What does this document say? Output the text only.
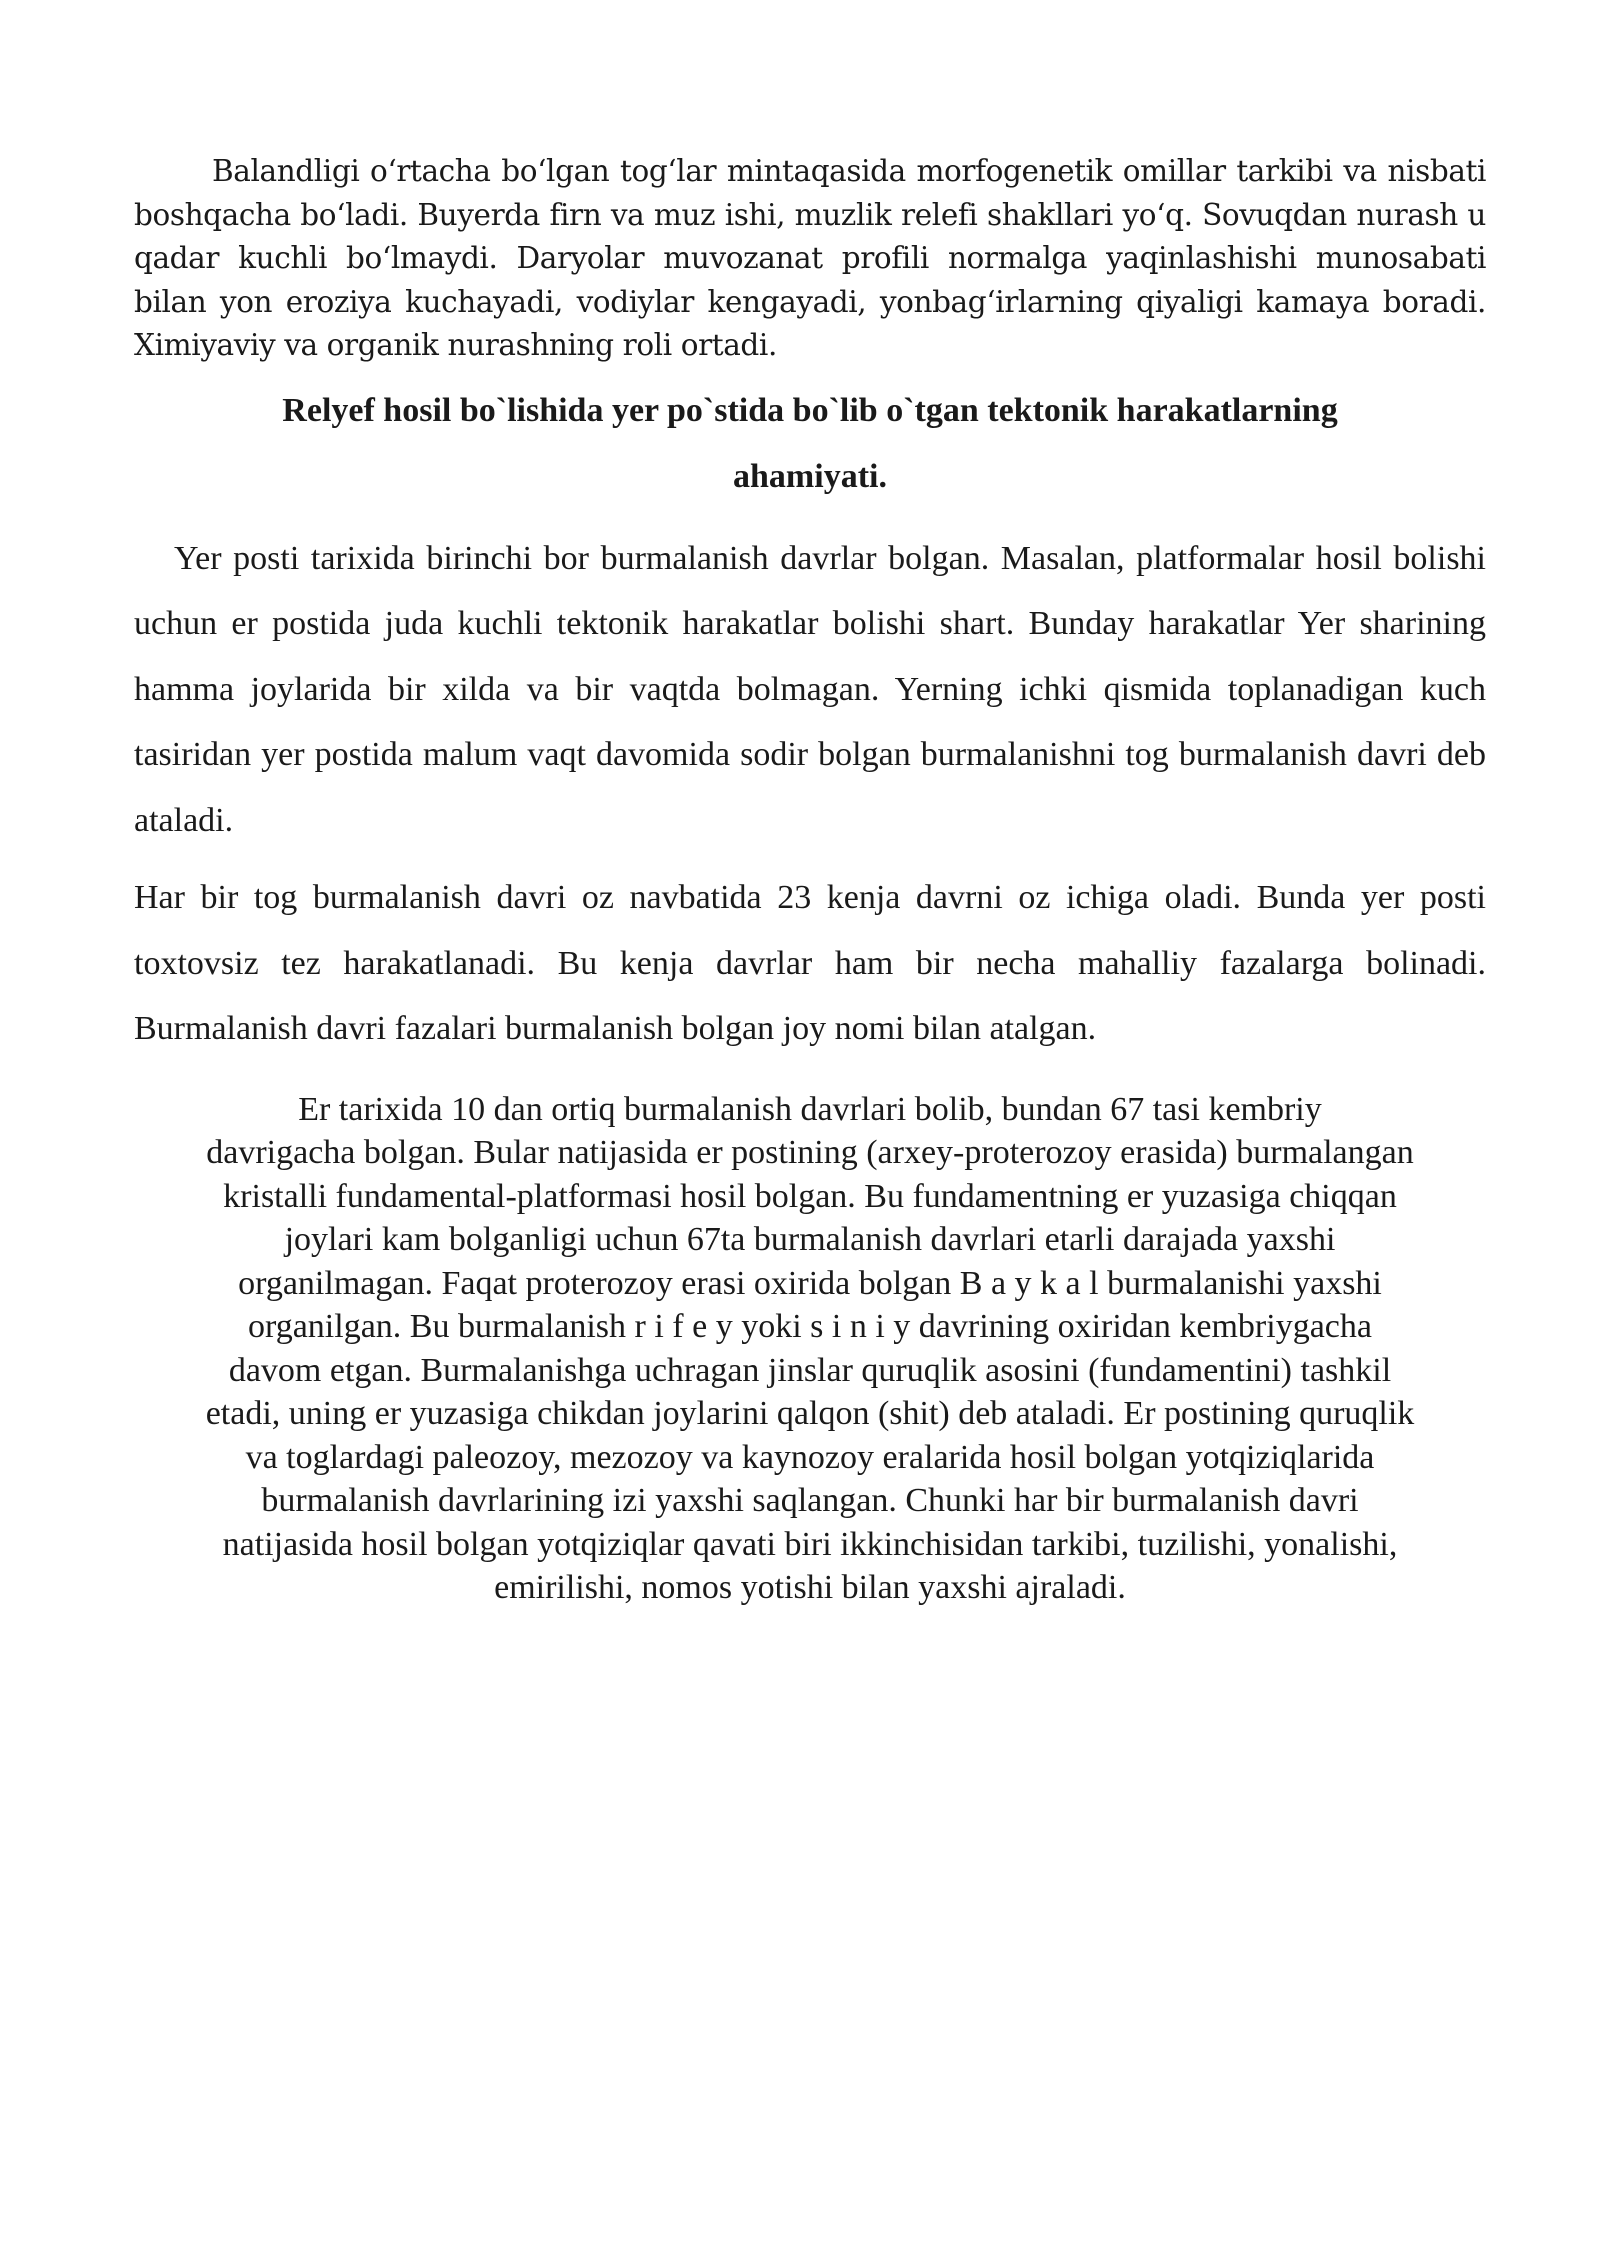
Balandligi o‘rtacha bo‘lgan tog‘lar mintaqasida morfogenetik omillar tarkibi va nisbati boshqacha bo‘ladi. Buyerda firn va muz ishi, muzlik relefi shakllari yo‘q. Sovuqdan nurash u qadar kuchli bo‘lmaydi. Daryolar muvozanat profili normalga yaqinlashishi munosabati bilan yon eroziya kuchayadi, vodiylar kengayadi, yonbag‘irlarning qiyaligi kamaya boradi. Ximiyaviy va organik nurashning roli ortadi.

Relyef hosil bo`lishida yer po`stida bo`lib o`tgan tektonik harakatlarning
ahamiyati.

Yer posti tarixida birinchi bor burmalanish davrlar bolgan. Masalan, platformalar hosil bolishi uchun er postida juda kuchli tektonik harakatlar bolishi shart. Bunday harakatlar Yer sharining hamma joylarida bir xilda va bir vaqtda bolmagan. Yerning ichki qismida toplanadigan kuch tasiridan yer postida malum vaqt davomida sodir bolgan burmalanishni tog burmalanish davri deb ataladi.

Har bir tog burmalanish davri oz navbatida 23 kenja davrni oz ichiga oladi. Bunda yer posti toxtovsiz tez harakatlanadi. Bu kenja davrlar ham bir necha mahalliy fazalarga bolinadi. Burmalanish davri fazalari burmalanish bolgan joy nomi bilan atalgan.

Er tarixida 10 dan ortiq burmalanish davrlari bolib, bundan 67 tasi kembriy
davrigacha bolgan. Bular natijasida er postining (arxey-proterozoy erasida) burmalangan
kristalli fundamental-platformasi hosil bolgan. Bu fundamentning er yuzasiga chiqqan
joylari kam bolganligi uchun 67ta burmalanish davrlari etarli darajada yaxshi
organilmagan. Faqat proterozoy erasi oxirida bolgan B a y k a l burmalanishi yaxshi
organilgan. Bu burmalanish r i f e y yoki s i n i y davrining oxiridan kembriygacha
davom etgan. Burmalanishga uchragan jinslar quruqlik asosini (fundamentini) tashkil
etadi, uning er yuzasiga chikdan joylarini qalqon (shit) deb ataladi. Er postining quruqlik
va toglardagi paleozoy, mezozoy va kaynozoy eralarida hosil bolgan yotqiziqlarida
burmalanish davrlarining izi yaxshi saqlangan. Chunki har bir burmalanish davri
natijasida hosil bolgan yotqiziqlar qavati biri ikkinchisidan tarkibi, tuzilishi, yonalishi,
emirilishi, nomos yotishi bilan yaxshi ajraladi.
